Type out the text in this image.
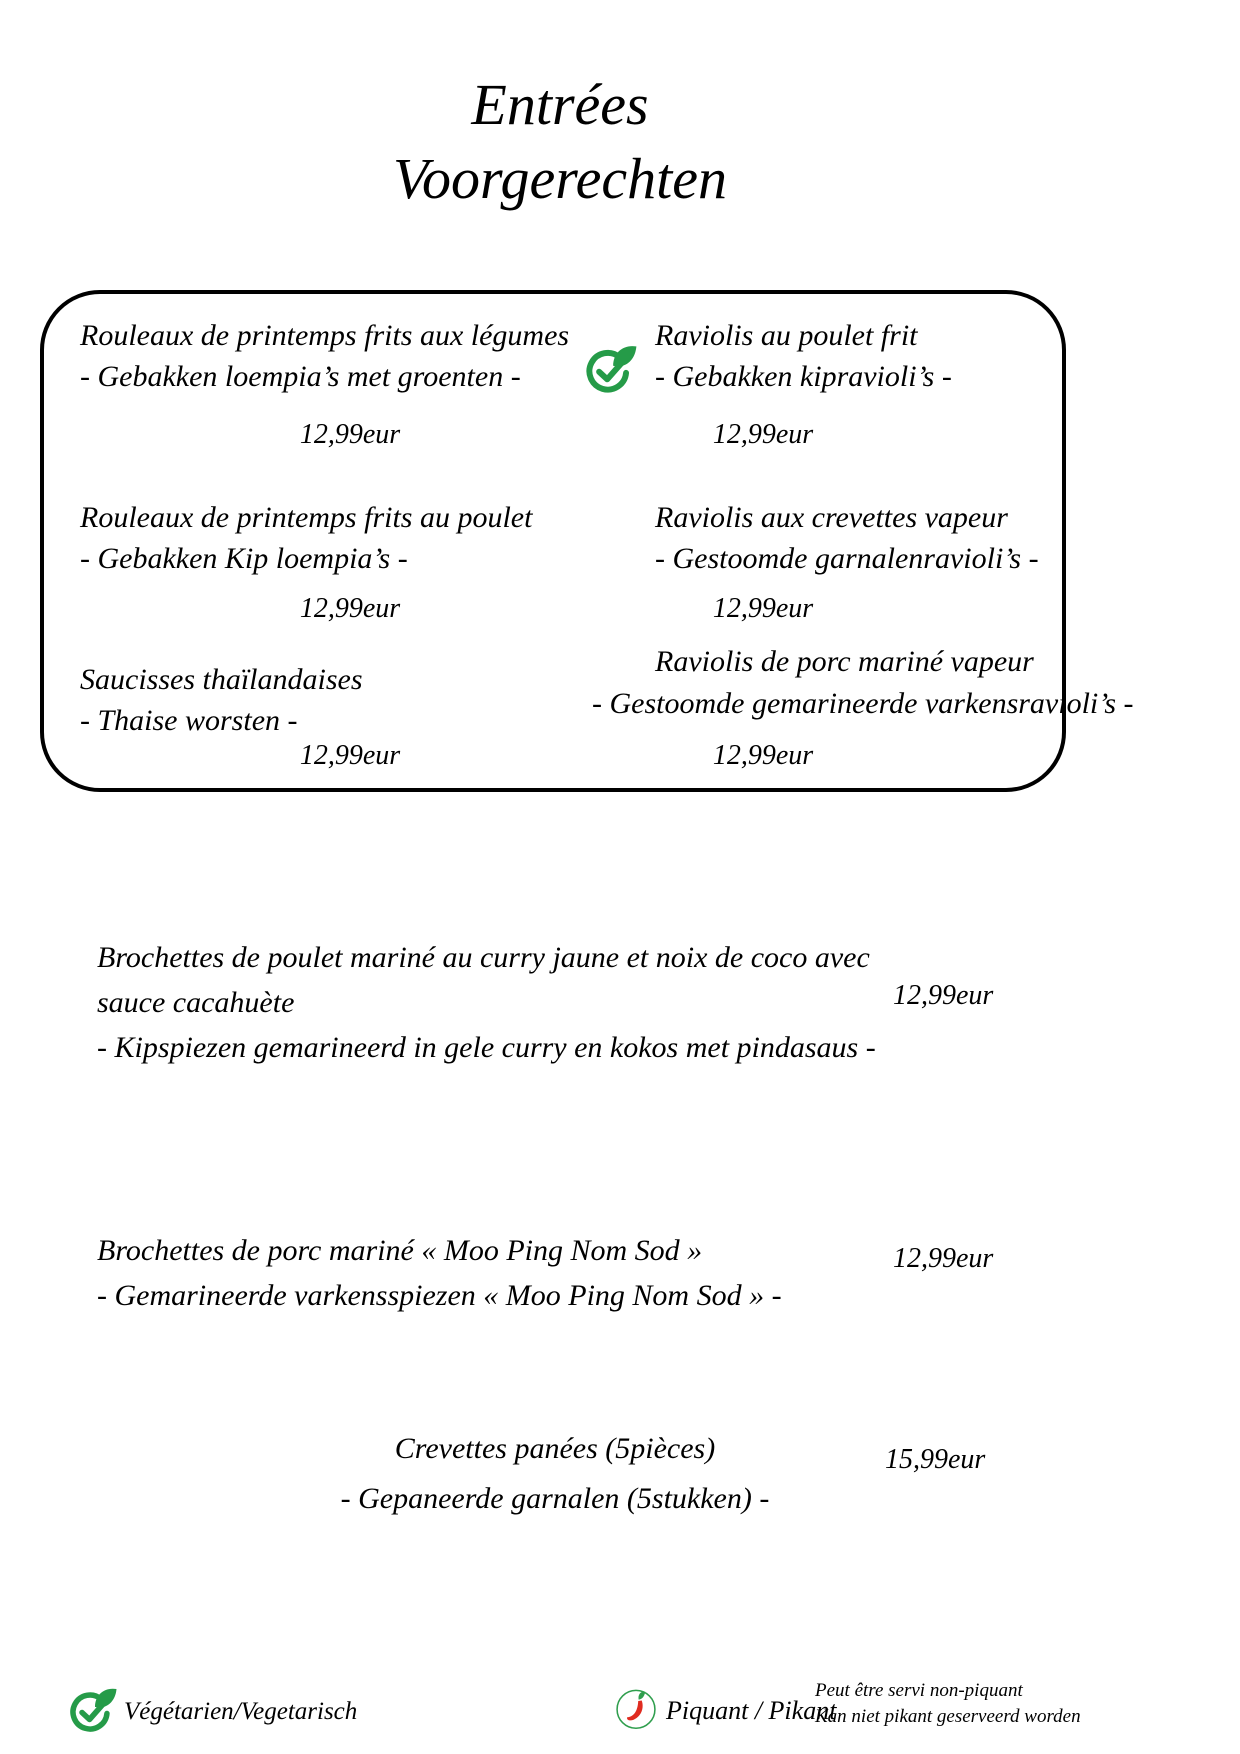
Entrées
Voorgerechten
Rouleaux de printemps frits aux légumes
- Gebakken loempia’s met groenten -
12,99eur
Raviolis au poulet frit
- Gebakken kipravioli’s -
12,99eur
Rouleaux de printemps frits au poulet
- Gebakken Kip loempia’s -
12,99eur
Raviolis aux crevettes vapeur
- Gestoomde garnalenravioli’s -
12,99eur
Saucisses thaïlandaises
- Thaise worsten -
12,99eur
Raviolis de porc mariné vapeur
- Gestoomde gemarineerde varkensravioli’s -
12,99eur
Brochettes de poulet mariné au curry jaune et noix de coco avec
sauce cacahuète
- Kipspiezen gemarineerd in gele curry en kokos met pindasaus -
12,99eur
Brochettes de porc mariné « Moo Ping Nom Sod »
- Gemarineerde varkensspiezen « Moo Ping Nom Sod » -
12,99eur
Crevettes panées (5pièces)
- Gepaneerde garnalen (5stukken) -
15,99eur
Végétarien/Vegetarisch	Piquant / Pikant
Peut être servi non-piquant
Kan niet pikant geserveerd worden
